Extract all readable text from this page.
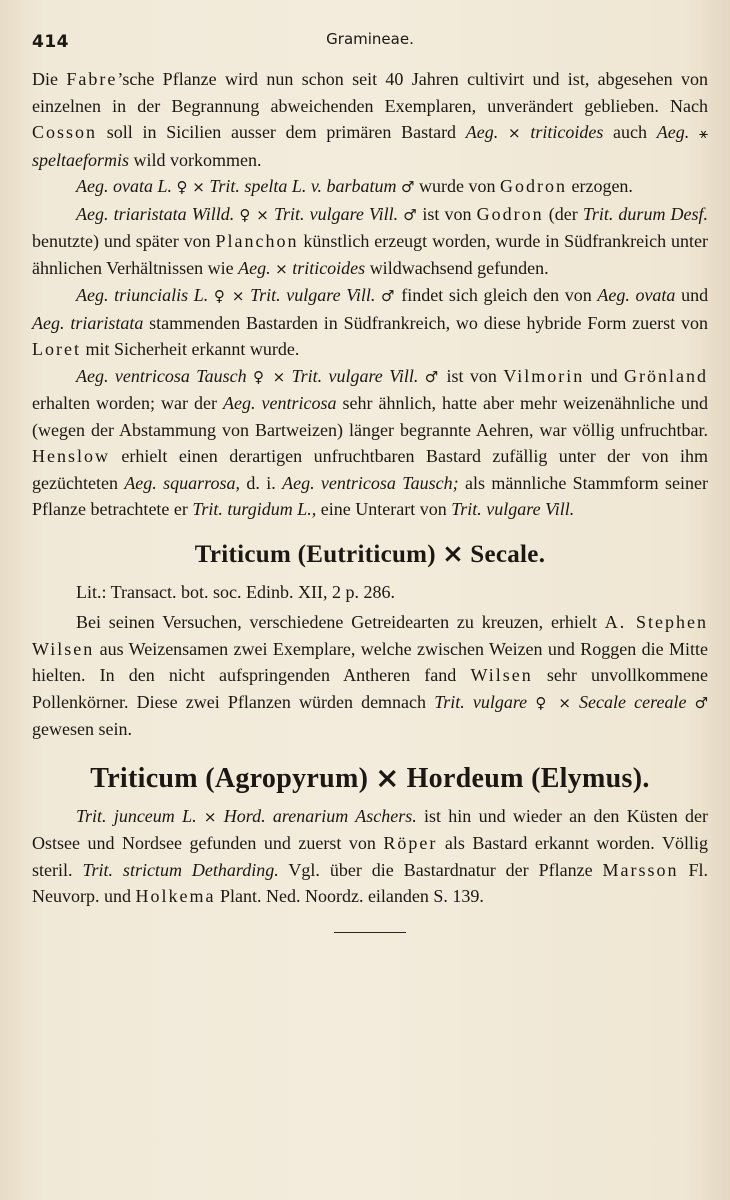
414	Gramineae.

Die Fabre’sche Pflanze wird nun schon seit 40 Jahren cultivirt und ist, abgesehen von einzelnen in der Begrannung abweichenden Exemplaren, unverändert geblieben. Nach Cosson soll in Sicilien ausser dem primären Bastard Aeg. ⨯ triticoides auch Aeg. ⚹ speltaeformis wild vorkommen.

Aeg. ovata L. ♀ ⨯ Trit. spelta L. v. barbatum ♂ wurde von Godron erzogen.

Aeg. triaristata Willd. ♀ ⨯ Trit. vulgare Vill. ♂ ist von Godron (der Trit. durum Desf. benutzte) und später von Planchon künstlich erzeugt worden, wurde in Südfrankreich unter ähnlichen Verhältnissen wie Aeg. ⨯ triticoides wildwachsend gefunden.

Aeg. triuncialis L. ♀ ⨯ Trit. vulgare Vill. ♂ findet sich gleich den von Aeg. ovata und Aeg. triaristata stammenden Bastarden in Südfrankreich, wo diese hybride Form zuerst von Loret mit Sicherheit erkannt wurde.

Aeg. ventricosa Tausch ♀ ⨯ Trit. vulgare Vill. ♂ ist von Vilmorin und Grönland erhalten worden; war der Aeg. ventricosa sehr ähnlich, hatte aber mehr weizenähnliche und (wegen der Abstammung von Bartweizen) länger begrannte Aehren, war völlig unfruchtbar. Henslow erhielt einen derartigen unfruchtbaren Bastard zufällig unter der von ihm gezüchteten Aeg. squarrosa, d. i. Aeg. ventricosa Tausch; als männliche Stammform seiner Pflanze betrachtete er Trit. turgidum L., eine Unterart von Trit. vulgare Vill.

Triticum (Eutriticum) ⨯ Secale.

Lit.: Transact. bot. soc. Edinb. XII, 2 p. 286.

Bei seinen Versuchen, verschiedene Getreidearten zu kreuzen, erhielt A. Stephen Wilsen aus Weizensamen zwei Exemplare, welche zwischen Weizen und Roggen die Mitte hielten. In den nicht aufspringenden Antheren fand Wilsen sehr unvollkommene Pollenkörner. Diese zwei Pflanzen würden demnach Trit. vulgare ♀ ⨯ Secale cereale ♂ gewesen sein.

Triticum (Agropyrum) ⨯ Hordeum (Elymus).

Trit. junceum L. ⨯ Hord. arenarium Aschers. ist hin und wieder an den Küsten der Ostsee und Nordsee gefunden und zuerst von Röper als Bastard erkannt worden. Völlig steril. Trit. strictum Detharding. Vgl. über die Bastardnatur der Pflanze Marsson Fl. Neuvorp. und Holkema Plant. Ned. Noordz. eilanden S. 139.
